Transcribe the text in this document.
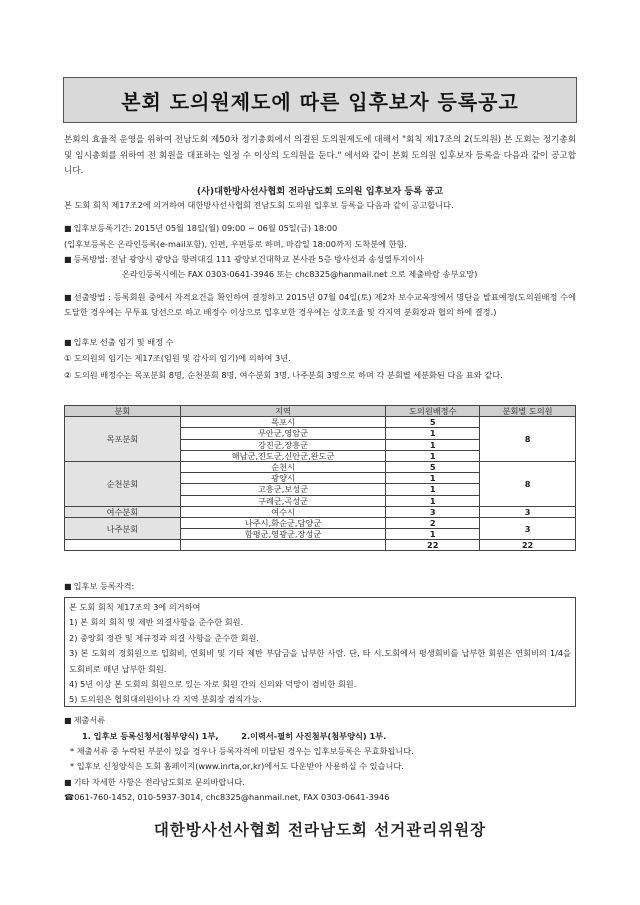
본회 도의원제도에 따른 입후보자 등록공고

본회의 효율적 운영을 위하여 전남도회 제50차 정기총회에서 의결된 도의원제도에 대해서 "회칙 제17조의 2(도의원) 본 도회는 정기총회 및 임시총회를 위하여 전 회원을 대표하는 일정 수 이상의 도의원을 둔다." 에서와 같이 본회 도의원 입후보자 등록을 다음과 같이 공고합니다.

(사)대한방사선사협회 전라남도회 도의원 입후보자 등록 공고

본 도회 회칙 제17조2에 의거하여 대한방사선사협회 전남도회 도의원 입후보 등록을 다음과 같이 공고합니다.

■ 입후보등록기간: 2015년 05월 18일(월) 09:00 ~ 06월 05일(금) 18:00

(입후보등록은 온라인등록(e-mail포함), 인편, 우편등로 하며, 마감일 18:00까지 도착분에 한함.

■ 등록방법: 전남 광양시 광양읍 항려대길 111 광양보건대학교 본사관 5층 방사선과 송성열투지이사

온라인등록시에는 FAX 0303-0641-3946 또는 chc8325@hanmail.net 으로 제출바람 송부요망)

■ 선출방법 : 등록회원 중에서 자격요건을 확인하여 결정하고 2015년 07월 04일(토) 제2차 보수교육장에서 명단을 발표예정(도의원배정 수에 도달한 경우에는 무투표 당선으로 하고 배정수 이상으로 입후보한 경우에는 상호조율 및 각지역 분회장과 협의 하에 결정.)

■ 입후보 선출 임기 및 배정 수

① 도의원의 임기는 제17조(임원 및 감사의 임기)에 의하여 3년.

② 도의원 배정수는 목포분회 8명, 순천분회 8명, 여수분회 3명, 나주분회 3명으로 하며 각 분회별 세분화된 다음 표와 같다.

분회	지역	도의원배정수	분회별 도의원
목포분회	목포시	5	8
	무안군,영암군	1	
	강진군,장흥군	1	
	해남군,진도군,신안군,완도군	1	
순천분회	순천시	5	8
	광양시	1	
	고흥군,보성군	1	
	구례군,곡성군	1	
여수분회	여수시	3	3
나주분회	나주시,화순군,담양군	2	3
	함평군,영광군,장성군	1	
		22	22

■ 입후보 등록자격:

본 도회 회칙 제17조의 3에 의거하여

1) 본 회의 회칙 및 제반 의결사항을 준수한 회원.

2) 중앙회 정관 및 제규정과 의결 사항을 준수한 회원.

3) 본 도회의 정회원으로 입회비, 연회비 및 기타 제반 부담금을 납부한 사람. 단, 타 시.도회에서 평생회비를 납부한 회원은 연회비의 1/4을 도회비로 매년 납부한 회원.

4) 5년 이상 본 도회의 회원으로 있는 자로 회원 간의 신의와 덕망이 겸비한 회원.

5) 도의원은 협회대의원이나 각 지역 분회장 겸직가능.

■ 제출서류

1. 입후보 등록신청서(첨부양식) 1부,        2.이력서-필히 사진첨부(첨부양식) 1부.

* 제출서류 중 누락된 부분이 있을 경우나 등록자격에 미달된 경우는 입후보등록은 무효화됩니다.

* 입후보 신청양식은 도회 홈페이지(www.inrta,or,kr)에서도 다운받아 사용하실 수 있습니다.

■ 기타 자세한 사항은 전라남도회로 문의바랍니다.

☎061-760-1452, 010-5937-3014, chc8325@hanmail.net, FAX 0303-0641-3946

대한방사선사협회 전라남도회 선거관리위원장
